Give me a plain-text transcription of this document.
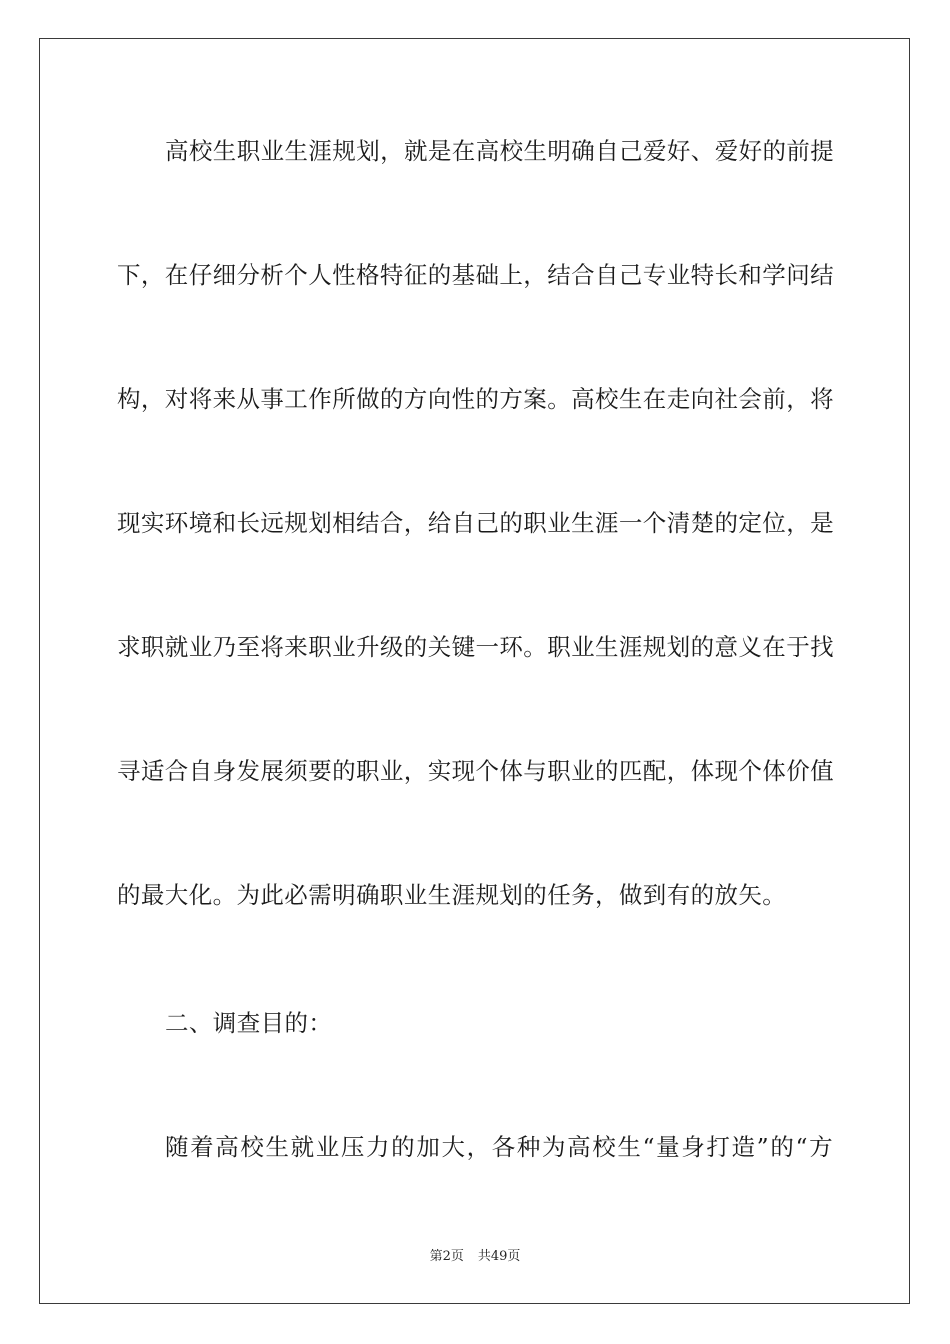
高校生职业生涯规划，就是在高校生明确自己爱好、爱好的前提
下，在仔细分析个人性格特征的基础上，结合自己专业特长和学问结
构，对将来从事工作所做的方向性的方案。高校生在走向社会前，将
现实环境和长远规划相结合，给自己的职业生涯一个清楚的定位，是
求职就业乃至将来职业升级的关键一环。职业生涯规划的意义在于找
寻适合自身发展须要的职业，实现个体与职业的匹配，体现个体价值
的最大化。为此必需明确职业生涯规划的任务，做到有的放矢。
二、调查目的：
随着高校生就业压力的加大，各种为高校生“量身打造”的“方
第2页 共49页
